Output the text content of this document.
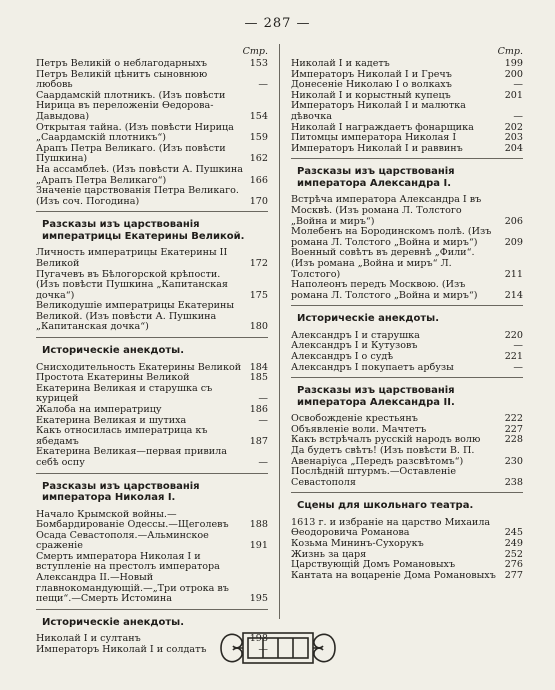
— 287 —
Стр.
Петръ Великій о неблагодарныхъ	153
Петръ Великій цѣнитъ сыновнюю любовь	—
Саардамскій плотникъ. (Изъ повѣсти Нирица въ переложеніи Ѳедорова-Давыдова)	154
Открытая тайна. (Изъ повѣсти Нирица „Саардамскій плотникъ“)	159
Арапъ Петра Великаго. (Изъ повѣсти Пушкина)	162
На ассамблеѣ. (Изъ повѣсти А. Пушкина „Арапъ Петра Великаго“)	166
Значеніе царствованія Петра Великаго. (Изъ соч. Погодина)	170
Разсказы изъ царствованія императрицы Екатерины Великой.
Личность императрицы Екатерины II Великой	172
Пугачевъ въ Бѣлогорской крѣпости. (Изъ повѣсти Пушкина „Капитанская дочка“)	175
Великодушіе императрицы Екатерины Великой. (Изъ повѣсти А. Пушкина „Капитанская дочка“)	180
Историческіе анекдоты.
Снисходительность Екатерины Великой 184
Простота Екатерины Великой	185
Екатерина Великая и старушка съ курицей	—
Жалоба на императрицу	186
Екатерина Великая и шутиха	—
Какъ относилась императрица къ ябедамъ	187
Екатерина Великая—первая привила себѣ оспу	—
Разсказы изъ царствованія императора Николая I.
Начало Крымской войны.—Бомбардированіе Одессы.—Щеголевъ	188
Осада Севастополя.—Альминское сраженіе	191
Смерть императора Николая I и вступленіе на престолъ императора Александра II.—Новый главнокомандующій.—„Три отрока въ пещи“.—Смерть Истомина	195
Историческіе анекдоты.
Николай I и султанъ	198
Императоръ Николай I и солдатъ	—
Стр.
Николай I и кадетъ	199
Императоръ Николай I и Гречъ	200
Донесеніе Николаю I о волкахъ	—
Николай I и корыстный купецъ	201
Императоръ Николай I и малютка дѣвочка	—
Николай I награждаетъ фонарщика	202
Питомцы императора Николая I	203
Императоръ Николай I и раввинъ	204
Разсказы изъ царствованія императора Александра I.
Встрѣча императора Александра I въ Москвѣ. (Изъ романа Л. Толстого „Война и миръ“)	206
Молебенъ на Бородинскомъ полѣ. (Изъ романа Л. Толстого „Война и миръ“)	209
Военный совѣтъ въ деревнѣ „Фили“. (Изъ романа „Война и миръ“ Л. Толстого)	211
Наполеонъ передъ Москвою. (Изъ романа Л. Толстого „Война и миръ“)	214
Историческіе анекдоты.
Александръ I и старушка	220
Александръ I и Кутузовъ	—
Александръ I о судѣ	221
Александръ I покупаетъ арбузы	—
Разсказы изъ царствованія императора Александра II.
Освобожденіе крестьянъ	222
Объявленіе воли. Мачтетъ	227
Какъ встрѣчалъ русскій народъ волю	228
Да будетъ свѣтъ! (Изъ повѣсти В. П. Авенаріуса „Передъ разсвѣтомъ“)	230
Послѣдній штурмъ.—Оставленіе Севастополя	238
Сцены для школьнаго театра.
1613 г. и избраніе на царство Михаила Ѳеодоровича Романова	245
Козьма Мининъ-Сухорукъ	249
Жизнь за царя	252
Царствующій Домъ Романовыхъ	276
Кантата на воцареніе Дома Романовыхъ 277
